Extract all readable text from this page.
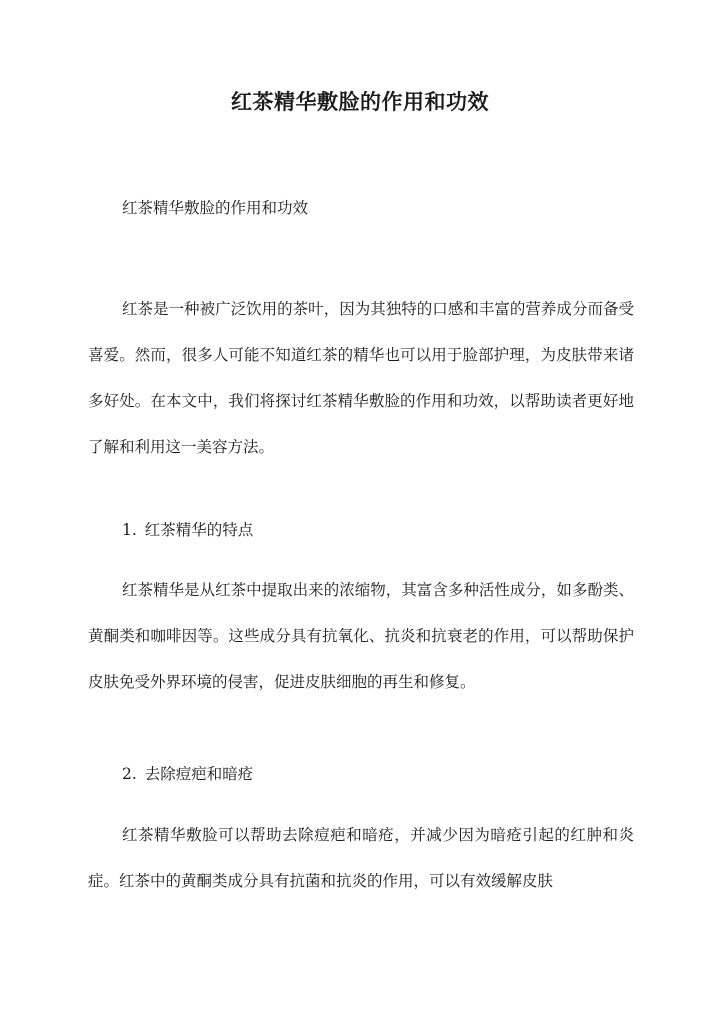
红茶精华敷脸的作用和功效
红茶精华敷脸的作用和功效
红茶是一种被广泛饮用的茶叶，因为其独特的口感和丰富的营养成分而备受喜爱。然而，很多人可能不知道红茶的精华也可以用于脸部护理，为皮肤带来诸多好处。在本文中，我们将探讨红茶精华敷脸的作用和功效，以帮助读者更好地了解和利用这一美容方法。
1. 红茶精华的特点
红茶精华是从红茶中提取出来的浓缩物，其富含多种活性成分，如多酚类、黄酮类和咖啡因等。这些成分具有抗氧化、抗炎和抗衰老的作用，可以帮助保护皮肤免受外界环境的侵害，促进皮肤细胞的再生和修复。
2. 去除痘疤和暗疮
红茶精华敷脸可以帮助去除痘疤和暗疮，并减少因为暗疮引起的红肿和炎症。红茶中的黄酮类成分具有抗菌和抗炎的作用，可以有效缓解皮肤
